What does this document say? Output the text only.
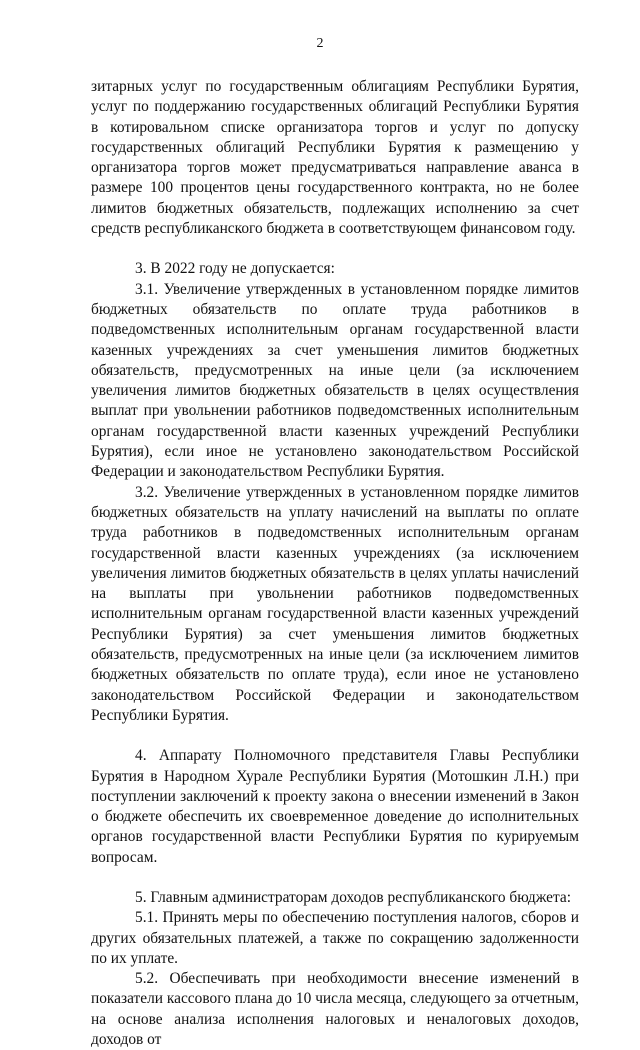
2

зитарных услуг по государственным облигациям Республики Бурятия, услуг по поддержанию государственных облигаций Республики Бурятия в котировальном списке организатора торгов и услуг по допуску государственных облигаций Республики Бурятия к размещению у организатора торгов может предусматриваться направление аванса в размере 100 процентов цены государственного контракта, но не более лимитов бюджетных обязательств, подлежащих исполнению за счет средств республиканского бюджета в соответствующем финансовом году.

3. В 2022 году не допускается:

3.1. Увеличение утвержденных в установленном порядке лимитов бюджетных обязательств по оплате труда работников в подведомственных исполнительным органам государственной власти казенных учреждениях за счет уменьшения лимитов бюджетных обязательств, предусмотренных на иные цели (за исключением увеличения лимитов бюджетных обязательств в целях осуществления выплат при увольнении работников подведомственных исполнительным органам государственной власти казенных учреждений Республики Бурятия), если иное не установлено законодательством Российской Федерации и законодательством Республики Бурятия.

3.2. Увеличение утвержденных в установленном порядке лимитов бюджетных обязательств на уплату начислений на выплаты по оплате труда работников в подведомственных исполнительным органам государственной власти казенных учреждениях (за исключением увеличения лимитов бюджетных обязательств в целях уплаты начислений на выплаты при увольнении работников подведомственных исполнительным органам государственной власти казенных учреждений Республики Бурятия) за счет уменьшения лимитов бюджетных обязательств, предусмотренных на иные цели (за исключением лимитов бюджетных обязательств по оплате труда), если иное не установлено законодательством Российской Федерации и законодательством Республики Бурятия.

4. Аппарату Полномочного представителя Главы Республики Бурятия в Народном Хурале Республики Бурятия (Мотошкин Л.Н.) при поступлении заключений к проекту закона о внесении изменений в Закон о бюджете обеспечить их своевременное доведение до исполнительных органов государственной власти Республики Бурятия по курируемым вопросам.

5. Главным администраторам доходов республиканского бюджета:

5.1. Принять меры по обеспечению поступления налогов, сборов и других обязательных платежей, а также по сокращению задолженности по их уплате.

5.2. Обеспечивать при необходимости внесение изменений в показатели кассового плана до 10 числа месяца, следующего за отчетным, на основе анализа исполнения налоговых и неналоговых доходов, доходов от
